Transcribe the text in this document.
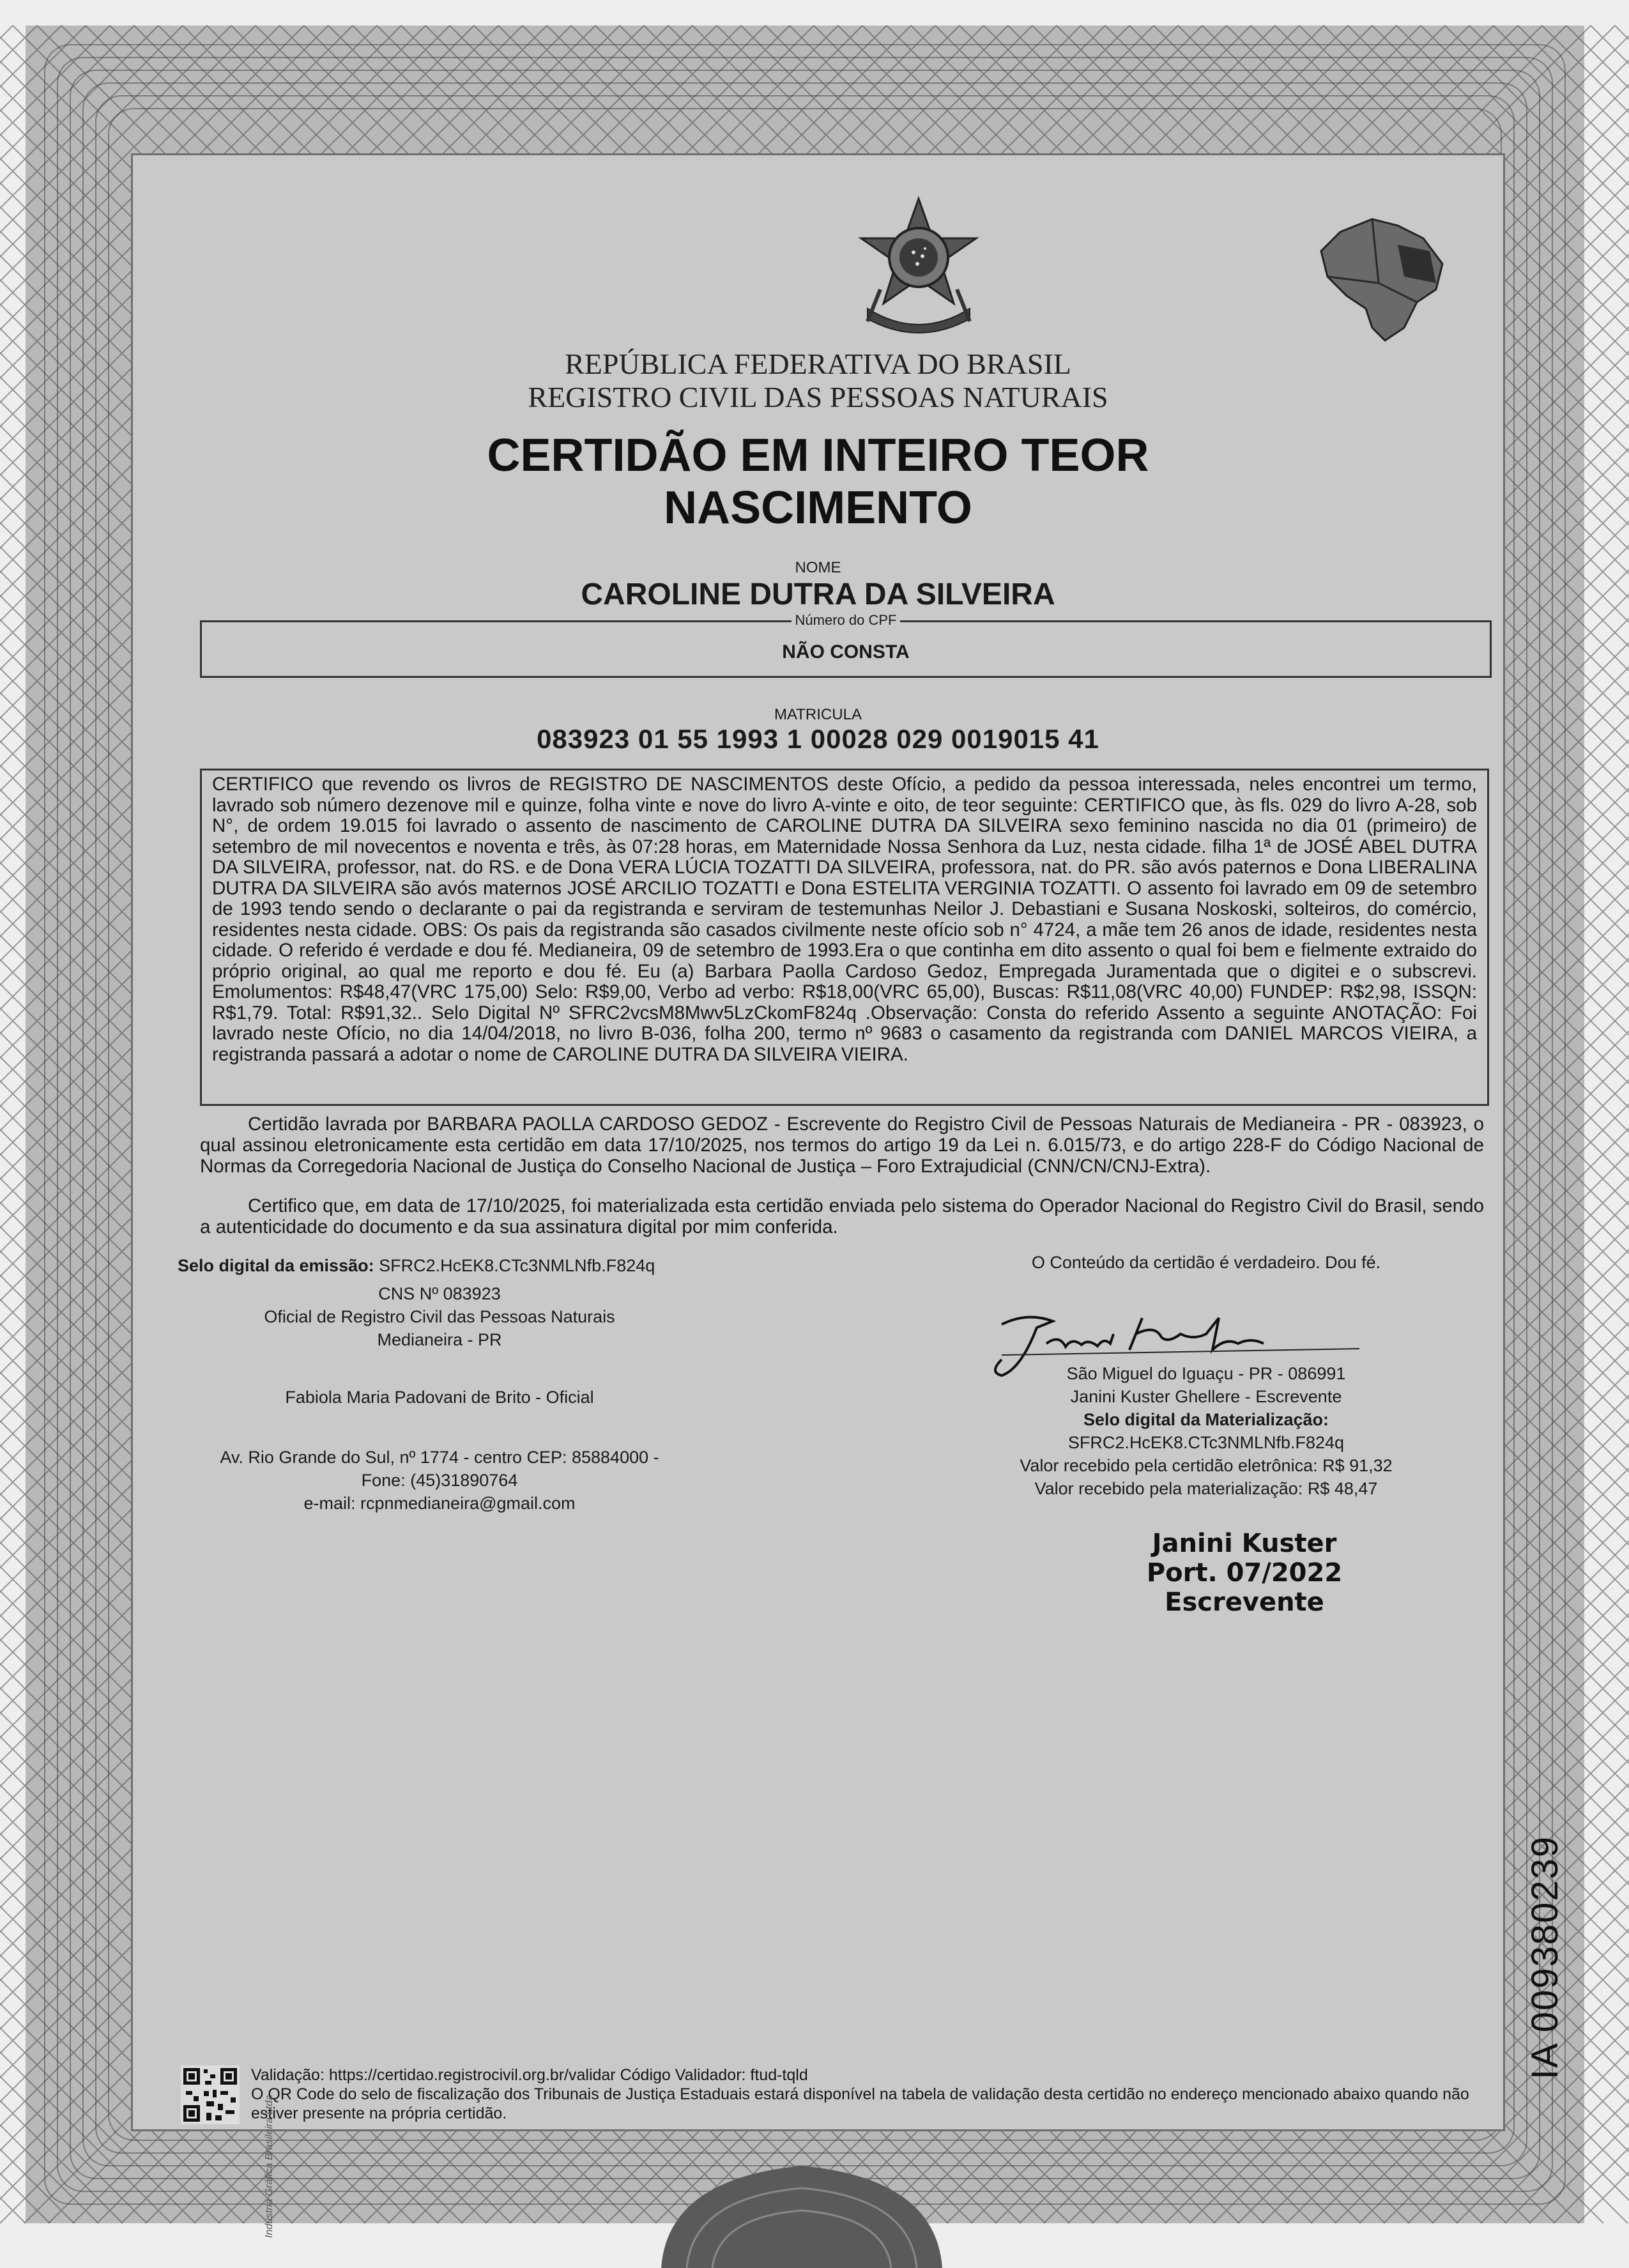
REPÚBLICA FEDERATIVA DO BRASIL
REGISTRO CIVIL DAS PESSOAS NATURAIS
CERTIDÃO EM INTEIRO TEOR
NASCIMENTO
NOME
CAROLINE DUTRA DA SILVEIRA
Número do CPF
NÃO CONSTA
MATRICULA
083923 01 55 1993 1 00028 029 0019015 41
CERTIFICO que revendo os livros de REGISTRO DE NASCIMENTOS deste Ofício, a pedido da pessoa interessada, neles encontrei um termo, lavrado sob número dezenove mil e quinze, folha vinte e nove do livro A-vinte e oito, de teor seguinte: CERTIFICO que, às fls. 029 do livro A-28, sob N°, de ordem 19.015 foi lavrado o assento de nascimento de CAROLINE DUTRA DA SILVEIRA sexo feminino nascida no dia 01 (primeiro) de setembro de mil novecentos e noventa e três, às 07:28 horas, em Maternidade Nossa Senhora da Luz, nesta cidade. filha 1ª de JOSÉ ABEL DUTRA DA SILVEIRA, professor, nat. do RS. e de Dona VERA LÚCIA TOZATTI DA SILVEIRA, professora, nat. do PR. são avós paternos e Dona LIBERALINA DUTRA DA SILVEIRA são avós maternos JOSÉ ARCILIO TOZATTI e Dona ESTELITA VERGINIA TOZATTI. O assento foi lavrado em 09 de setembro de 1993 tendo sendo o declarante o pai da registranda e serviram de testemunhas Neilor J. Debastiani e Susana Noskoski, solteiros, do comércio, residentes nesta cidade. OBS: Os pais da registranda são casados civilmente neste ofício sob n° 4724, a mãe tem 26 anos de idade, residentes nesta cidade. O referido é verdade e dou fé. Medianeira, 09 de setembro de 1993.Era o que continha em dito assento o qual foi bem e fielmente extraido do próprio original, ao qual me reporto e dou fé. Eu (a) Barbara Paolla Cardoso Gedoz, Empregada Juramentada que o digitei e o subscrevi. Emolumentos: R$48,47(VRC 175,00) Selo: R$9,00, Verbo ad verbo: R$18,00(VRC 65,00), Buscas: R$11,08(VRC 40,00) FUNDEP: R$2,98, ISSQN: R$1,79. Total: R$91,32.. Selo Digital Nº SFRC2vcsM8Mwv5LzCkomF824q .Observação: Consta do referido Assento a seguinte ANOTAÇÃO: Foi lavrado neste Ofício, no dia 14/04/2018, no livro B-036, folha 200, termo nº 9683 o casamento da registranda com DANIEL MARCOS VIEIRA, a registranda passará a adotar o nome de CAROLINE DUTRA DA SILVEIRA VIEIRA.
Certidão lavrada por BARBARA PAOLLA CARDOSO GEDOZ - Escrevente do Registro Civil de Pessoas Naturais de Medianeira - PR - 083923, o qual assinou eletronicamente esta certidão em data 17/10/2025, nos termos do artigo 19 da Lei n. 6.015/73, e do artigo 228-F do Código Nacional de Normas da Corregedoria Nacional de Justiça do Conselho Nacional de Justiça – Foro Extrajudicial (CNN/CN/CNJ-Extra).
Certifico que, em data de 17/10/2025, foi materializada esta certidão enviada pelo sistema do Operador Nacional do Registro Civil do Brasil, sendo a autenticidade do documento e da sua assinatura digital por mim conferida.
Selo digital da emissão: SFRC2.HcEK8.CTc3NMLNfb.F824q
CNS Nº 083923
Oficial de Registro Civil das Pessoas Naturais
Medianeira - PR
Fabiola Maria Padovani de Brito - Oficial
Av. Rio Grande do Sul, nº 1774 - centro CEP: 85884000 -
Fone: (45)31890764
e-mail: rcpnmedianeira@gmail.com
O Conteúdo da certidão é verdadeiro. Dou fé.
São Miguel do Iguaçu - PR - 086991
Janini Kuster Ghellere - Escrevente
Selo digital da Materialização:
SFRC2.HcEK8.CTc3NMLNfb.F824q
Valor recebido pela certidão eletrônica: R$ 91,32
Valor recebido pela materialização: R$ 48,47
Janini Kuster
Port. 07/2022
Escrevente
Validação: https://certidao.registrocivil.org.br/validar Código Validador: ftud-tqld
O QR Code do selo de fiscalização dos Tribunais de Justiça Estaduais estará disponível na tabela de validação desta certidão no endereço mencionado abaixo quando não estiver presente na própria certidão.
Indústria Gráfica Brasileira Ltda
IA 009380239
